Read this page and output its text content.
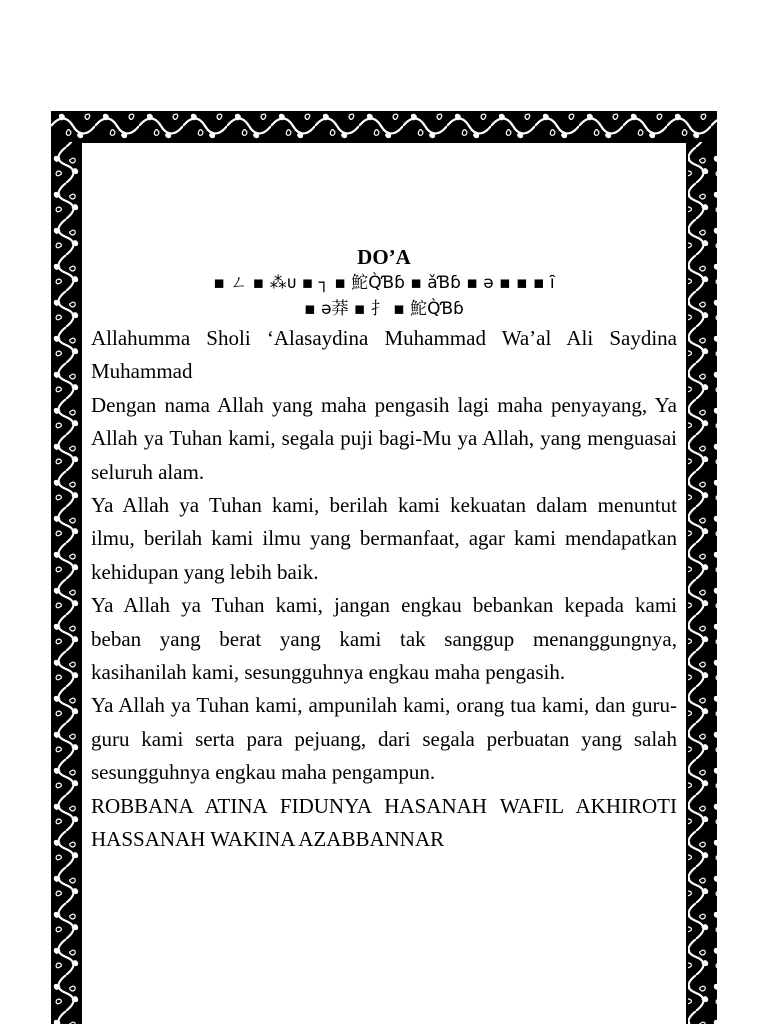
DO’A

▪ ㄥ ▪ ⁂ᴜ ▪ ┐ ▪ 鮀Q̀Ɓɓ ▪ ǎƁɓ ▪ ǝ ▪ ▪ ▪ ȋ

▪ ǝ莽 ▪ ⺘ ▪ 鮀Q̀Ɓɓ

Allahumma Sholi ‘Alasaydina Muhammad Wa’al Ali Saydina Muhammad

Dengan nama Allah yang maha pengasih lagi maha penyayang, Ya Allah ya Tuhan kami, segala puji bagi-Mu ya Allah, yang menguasai seluruh alam.

Ya Allah ya Tuhan kami, berilah kami kekuatan dalam menuntut ilmu, berilah kami ilmu yang bermanfaat, agar kami mendapatkan kehidupan yang lebih baik.

Ya Allah ya Tuhan kami, jangan engkau bebankan kepada kami beban yang berat yang kami tak sanggup menanggungnya, kasihanilah kami, sesungguhnya engkau maha pengasih.

Ya Allah ya Tuhan kami, ampunilah kami, orang tua kami, dan guru-guru kami serta para pejuang, dari segala perbuatan yang salah sesungguhnya engkau maha pengampun.

ROBBANA ATINA FIDUNYA HASANAH WAFIL AKHIROTI HASSANAH WAKINA AZABBANNAR
